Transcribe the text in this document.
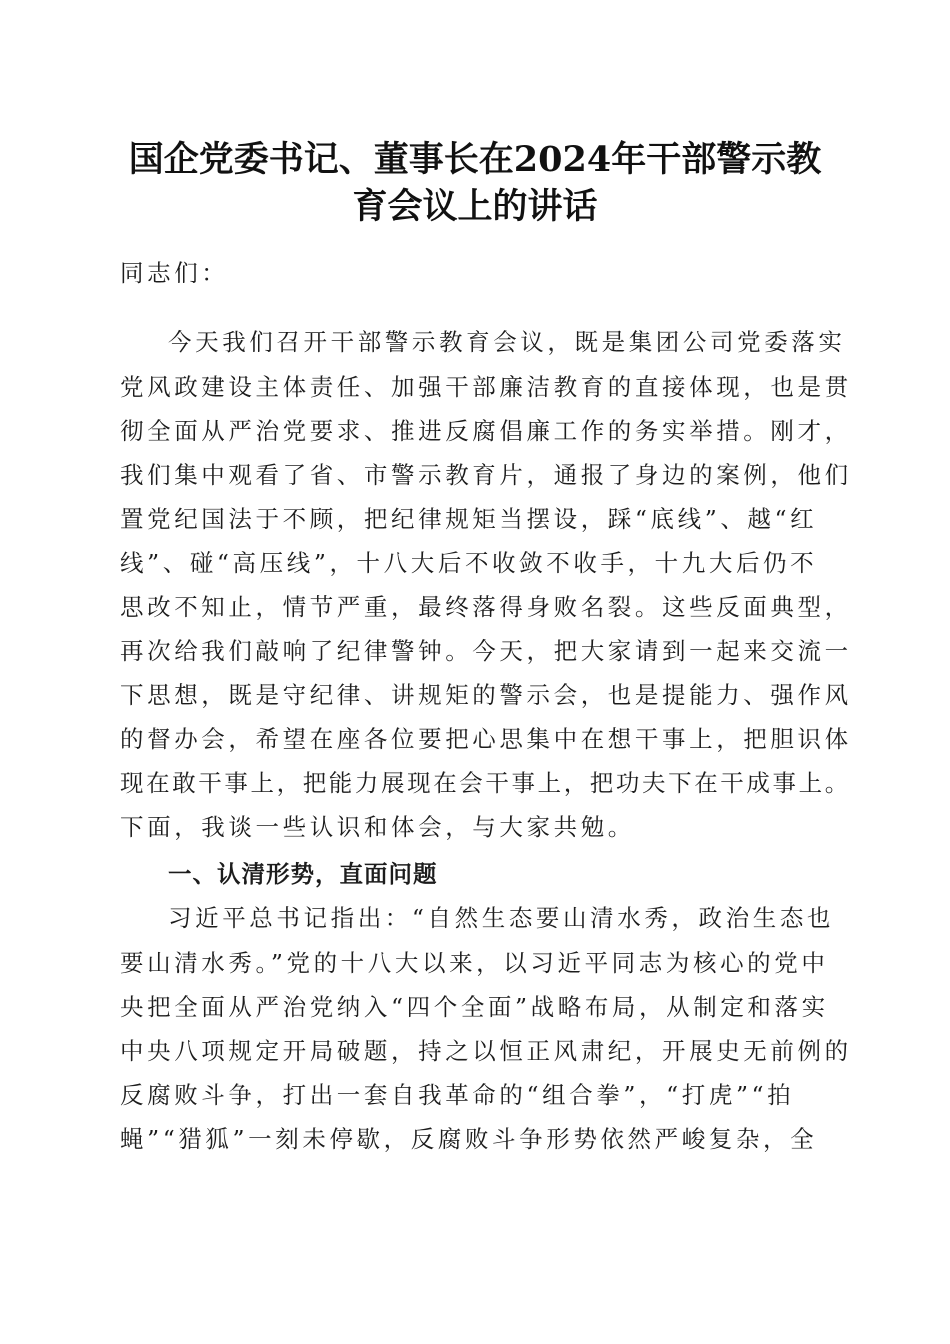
国企党委书记、董事长在2024年干部警示教
育会议上的讲话
同志们：
今天我们召开干部警示教育会议，既是集团公司党委落实
党风政建设主体责任、加强干部廉洁教育的直接体现，也是贯
彻全面从严治党要求、推进反腐倡廉工作的务实举措。刚才，
我们集中观看了省、市警示教育片，通报了身边的案例，他们
置党纪国法于不顾，把纪律规矩当摆设，踩“底线”、越“红
线”、碰“高压线”，十八大后不收敛不收手，十九大后仍不
思改不知止，情节严重，最终落得身败名裂。这些反面典型，
再次给我们敲响了纪律警钟。今天，把大家请到一起来交流一
下思想，既是守纪律、讲规矩的警示会，也是提能力、强作风
的督办会，希望在座各位要把心思集中在想干事上，把胆识体
现在敢干事上，把能力展现在会干事上，把功夫下在干成事上。
下面，我谈一些认识和体会，与大家共勉。
一、认清形势，直面问题
习近平总书记指出：“自然生态要山清水秀，政治生态也
要山清水秀。”党的十八大以来，以习近平同志为核心的党中
央把全面从严治党纳入“四个全面”战略布局，从制定和落实
中央八项规定开局破题，持之以恒正风肃纪，开展史无前例的
反腐败斗争，打出一套自我革命的“组合拳”，“打虎”“拍
蝇”“猎狐”一刻未停歇，反腐败斗争形势依然严峻复杂，全
